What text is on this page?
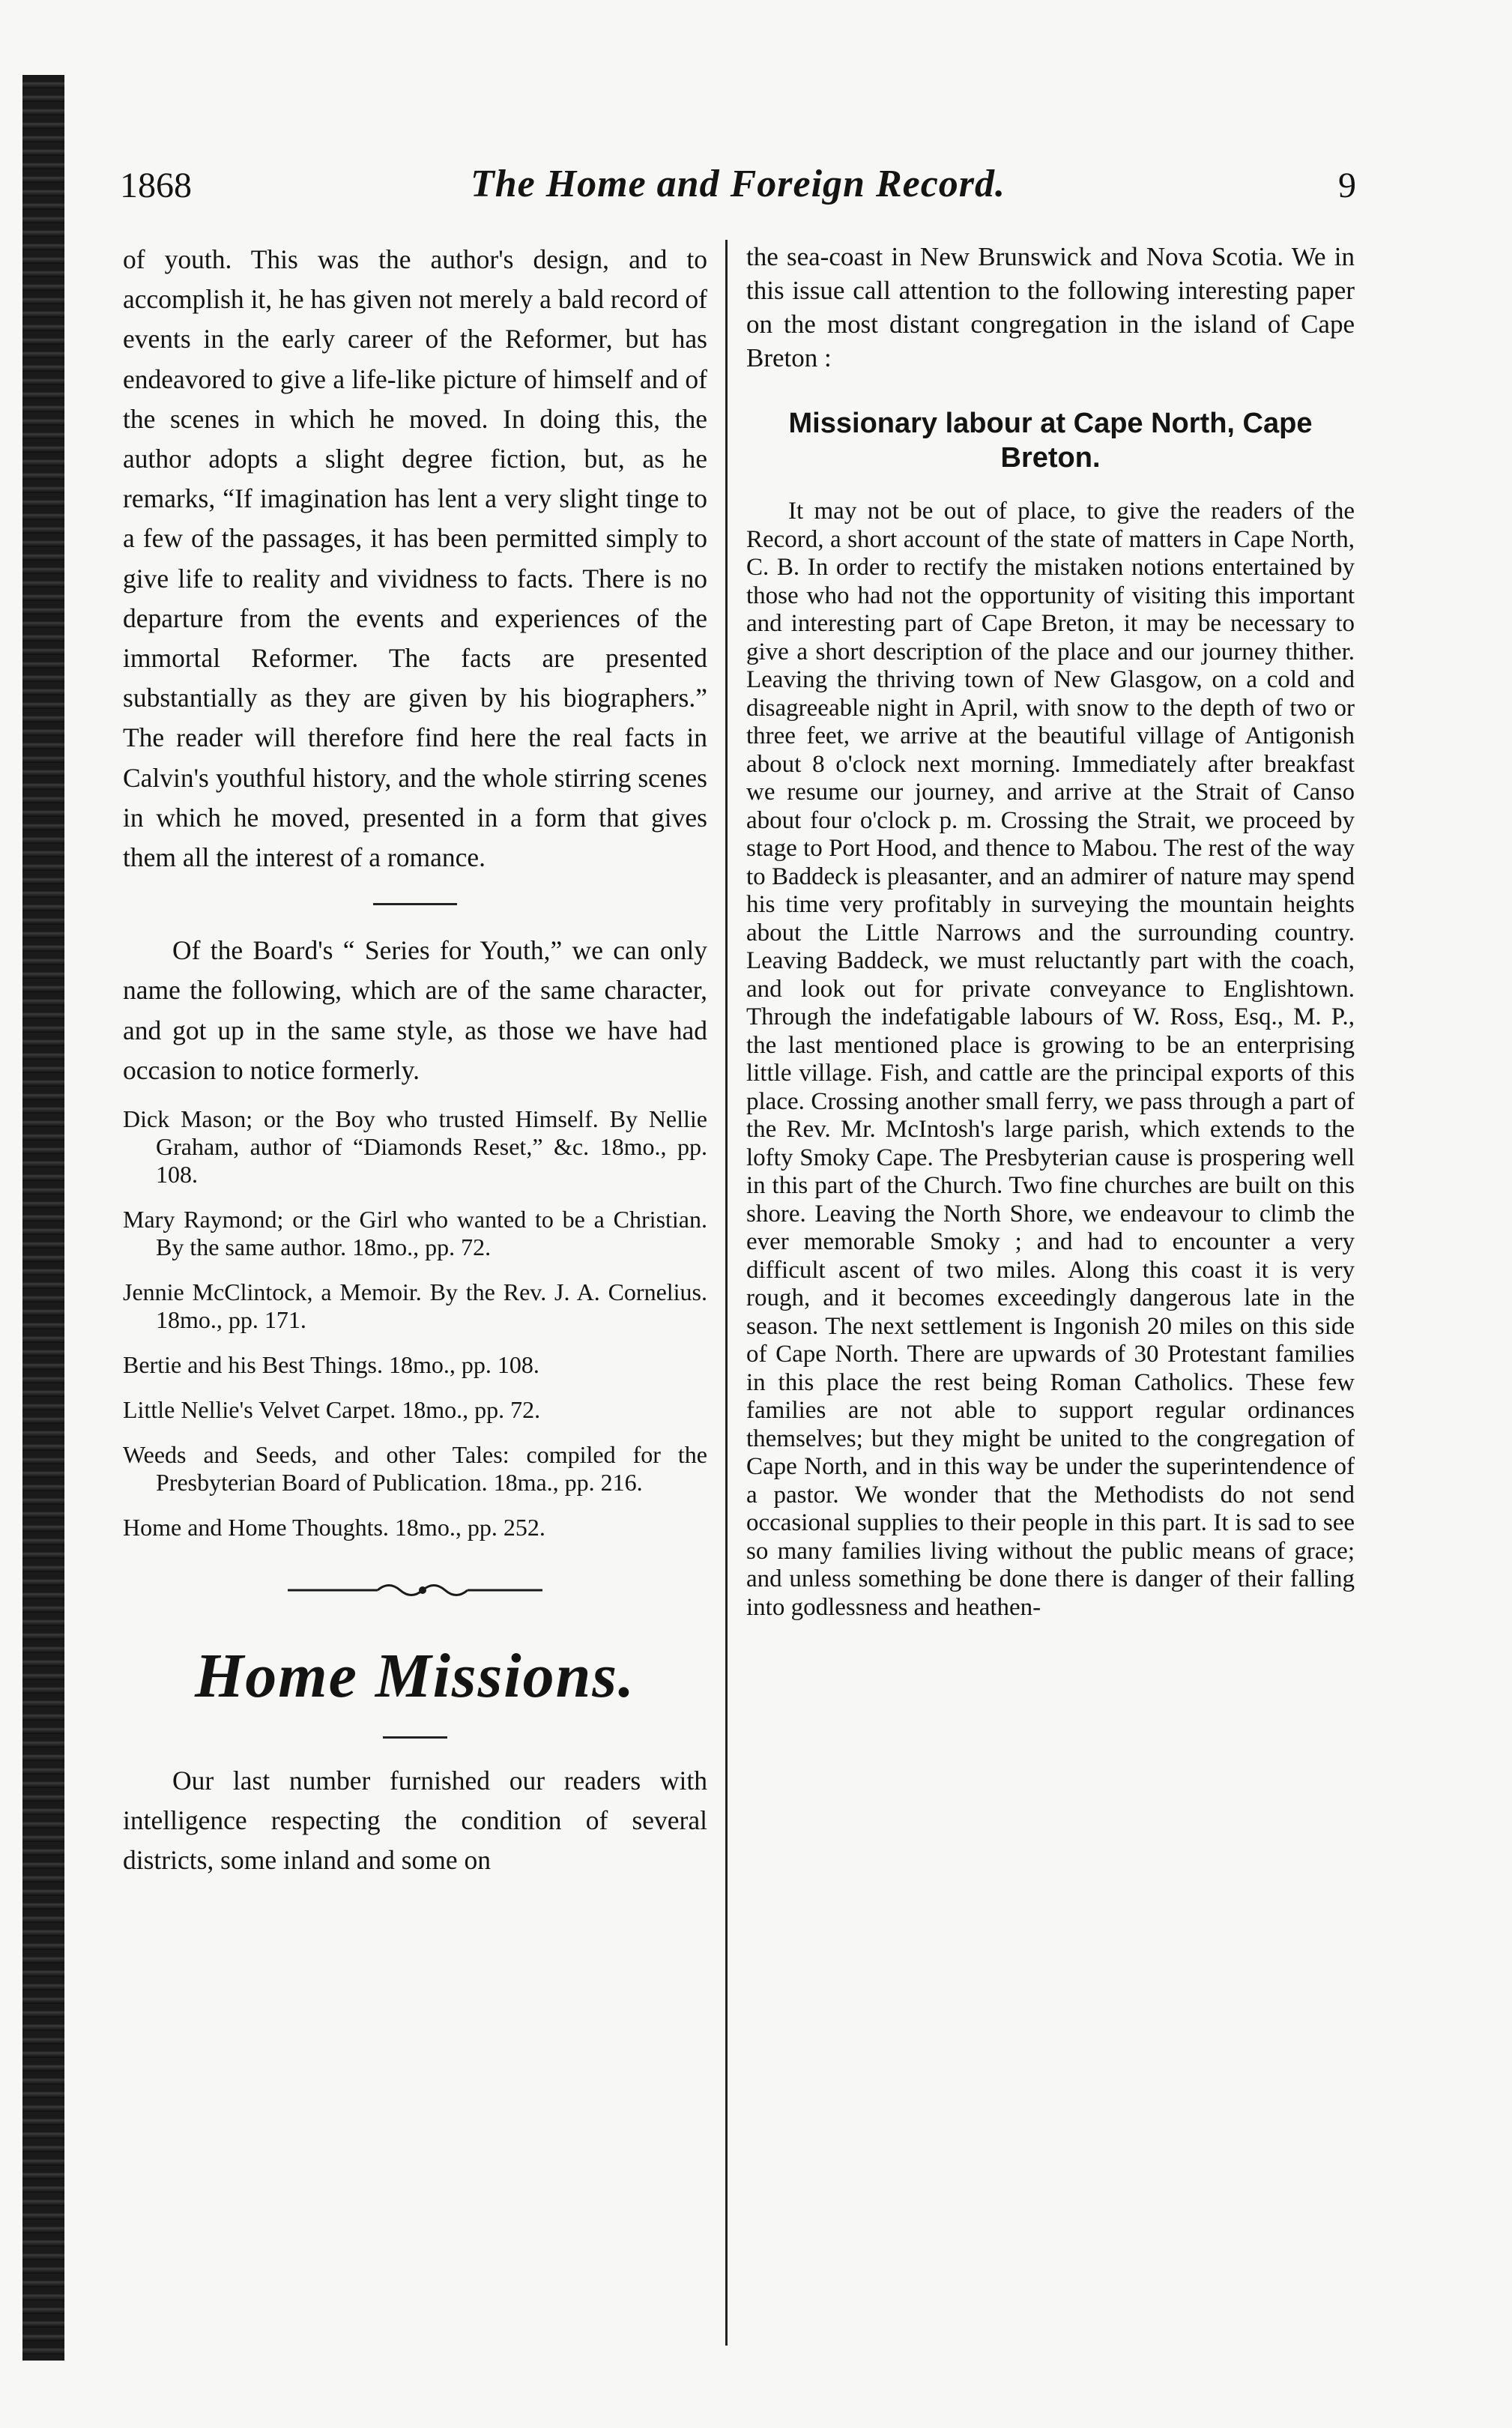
1868	The Home and Foreign Record.	9

of youth. This was the author's design, and to accomplish it, he has given not merely a bald record of events in the early career of the Reformer, but has endeavored to give a life-like picture of himself and of the scenes in which he moved. In doing this, the author adopts a slight degree fiction, but, as he remarks, “If imagination has lent a very slight tinge to a few of the passages, it has been permitted simply to give life to reality and vividness to facts. There is no departure from the events and experiences of the immortal Reformer. The facts are presented substantially as they are given by his biographers.” The reader will therefore find here the real facts in Calvin's youthful history, and the whole stirring scenes in which he moved, presented in a form that gives them all the interest of a romance.

Of the Board's “ Series for Youth,” we can only name the following, which are of the same character, and got up in the same style, as those we have had occasion to notice formerly.

Dick Mason; or the Boy who trusted Himself. By Nellie Graham, author of “Diamonds Reset,” &c. 18mo., pp. 108.

Mary Raymond; or the Girl who wanted to be a Christian. By the same author. 18mo., pp. 72.

Jennie McClintock, a Memoir. By the Rev. J. A. Cornelius. 18mo., pp. 171.

Bertie and his Best Things. 18mo., pp. 108.

Little Nellie's Velvet Carpet. 18mo., pp. 72.

Weeds and Seeds, and other Tales: compiled for the Presbyterian Board of Publication. 18ma., pp. 216.

Home and Home Thoughts. 18mo., pp. 252.

Home Missions.

Our last number furnished our readers with intelligence respecting the condition of several districts, some inland and some on

the sea-coast in New Brunswick and Nova Scotia. We in this issue call attention to the following interesting paper on the most distant congregation in the island of Cape Breton :

Missionary labour at Cape North, Cape Breton.

It may not be out of place, to give the readers of the Record, a short account of the state of matters in Cape North, C. B. In order to rectify the mistaken notions entertained by those who had not the opportunity of visiting this important and interesting part of Cape Breton, it may be necessary to give a short description of the place and our journey thither. Leaving the thriving town of New Glasgow, on a cold and disagreeable night in April, with snow to the depth of two or three feet, we arrive at the beautiful village of Antigonish about 8 o'clock next morning. Immediately after breakfast we resume our journey, and arrive at the Strait of Canso about four o'clock p. m. Crossing the Strait, we proceed by stage to Port Hood, and thence to Mabou. The rest of the way to Baddeck is pleasanter, and an admirer of nature may spend his time very profitably in surveying the mountain heights about the Little Narrows and the surrounding country. Leaving Baddeck, we must reluctantly part with the coach, and look out for private conveyance to Englishtown. Through the indefatigable labours of W. Ross, Esq., M. P., the last mentioned place is growing to be an enterprising little village. Fish, and cattle are the principal exports of this place. Crossing another small ferry, we pass through a part of the Rev. Mr. McIntosh's large parish, which extends to the lofty Smoky Cape. The Presbyterian cause is prospering well in this part of the Church. Two fine churches are built on this shore. Leaving the North Shore, we endeavour to climb the ever memorable Smoky ; and had to encounter a very difficult ascent of two miles. Along this coast it is very rough, and it becomes exceedingly dangerous late in the season. The next settlement is Ingonish 20 miles on this side of Cape North. There are upwards of 30 Protestant families in this place the rest being Roman Catholics. These few families are not able to support regular ordinances themselves; but they might be united to the congregation of Cape North, and in this way be under the superintendence of a pastor. We wonder that the Methodists do not send occasional supplies to their people in this part. It is sad to see so many families living without the public means of grace; and unless something be done there is danger of their falling into godlessness and heathen-
